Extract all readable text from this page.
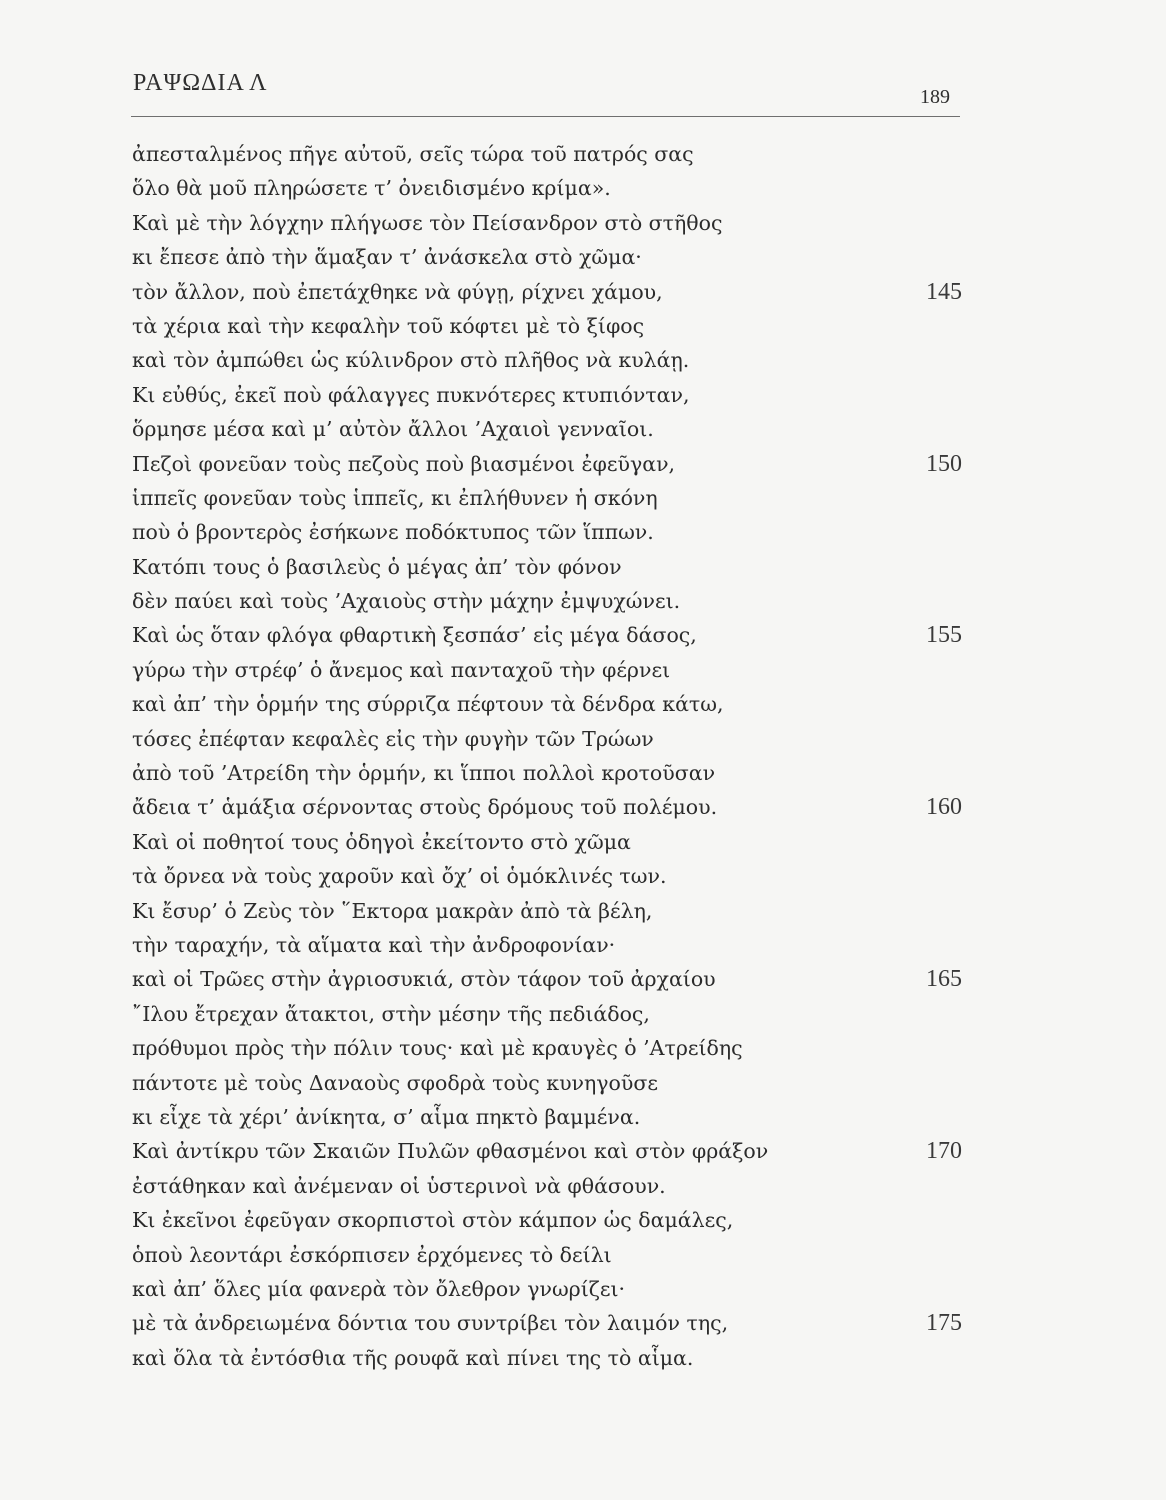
ΡΑΨΩΔΙΑ Λ
189
ἀπεσταλμένος πῆγε αὐτοῦ, σεῖς τώρα τοῦ πατρός σας
ὅλο θὰ μοῦ πληρώσετε τ’ ὀνειδισμένο κρίμα».
Καὶ μὲ τὴν λόγχην πλήγωσε τὸν Πείσανδρον στὸ στῆθος
κι ἔπεσε ἀπὸ τὴν ἅμαξαν τ’ ἀνάσκελα στὸ χῶμα·
τὸν ἄλλον, ποὺ ἐπετάχθηκε νὰ φύγῃ, ρίχνει χάμου,	145
τὰ χέρια καὶ τὴν κεφαλὴν τοῦ κόφτει μὲ τὸ ξίφος
καὶ τὸν ἀμπώθει ὡς κύλινδρον στὸ πλῆθος νὰ κυλάῃ.
Κι εὐθύς, ἐκεῖ ποὺ φάλαγγες πυκνότερες κτυπιόνταν,
ὅρμησε μέσα καὶ μ’ αὐτὸν ἄλλοι ’Αχαιοὶ γενναῖοι.
Πεζοὶ φονεῦαν τοὺς πεζοὺς ποὺ βιασμένοι ἐφεῦγαν,	150
ἱππεῖς φονεῦαν τοὺς ἱππεῖς, κι ἐπλήθυνεν ἡ σκόνη
ποὺ ὁ βροντερὸς ἐσήκωνε ποδόκτυπος τῶν ἵππων.
Κατόπι τους ὁ βασιλεὺς ὁ μέγας ἀπ’ τὸν φόνον
δὲν παύει καὶ τοὺς ’Αχαιοὺς στὴν μάχην ἐμψυχώνει.
Καὶ ὡς ὅταν φλόγα φθαρτικὴ ξεσπάσ’ εἰς μέγα δάσος,	155
γύρω τὴν στρέφ’ ὁ ἄνεμος καὶ πανταχοῦ τὴν φέρνει
καὶ ἀπ’ τὴν ὁρμήν της σύρριζα πέφτουν τὰ δένδρα κάτω,
τόσες ἐπέφταν κεφαλὲς εἰς τὴν φυγὴν τῶν Τρώων
ἀπὸ τοῦ ’Ατρείδη τὴν ὁρμήν, κι ἵπποι πολλοὶ κροτοῦσαν
ἄδεια τ’ ἁμάξια σέρνοντας στοὺς δρόμους τοῦ πολέμου.	160
Καὶ οἱ ποθητοί τους ὁδηγοὶ ἐκείτοντο στὸ χῶμα
τὰ ὄρνεα νὰ τοὺς χαροῦν καὶ ὄχ’ οἱ ὁμόκλινές των.
Κι ἔσυρ’ ὁ Ζεὺς τὸν ῞Εκτορα μακρὰν ἀπὸ τὰ βέλη,
τὴν ταραχήν, τὰ αἵματα καὶ τὴν ἀνδροφονίαν·
καὶ οἱ Τρῶες στὴν ἀγριοσυκιά, στὸν τάφον τοῦ ἀρχαίου	165
῎Ιλου ἔτρεχαν ἄτακτοι, στὴν μέσην τῆς πεδιάδος,
πρόθυμοι πρὸς τὴν πόλιν τους· καὶ μὲ κραυγὲς ὁ ’Ατρείδης
πάντοτε μὲ τοὺς Δαναοὺς σφοδρὰ τοὺς κυνηγοῦσε
κι εἶχε τὰ χέρι’ ἀνίκητα, σ’ αἷμα πηκτὸ βαμμένα.
Καὶ ἀντίκρυ τῶν Σκαιῶν Πυλῶν φθασμένοι καὶ στὸν φράξον	170
ἐστάθηκαν καὶ ἀνέμεναν οἱ ὑστερινοὶ νὰ φθάσουν.
Κι ἐκεῖνοι ἐφεῦγαν σκορπιστοὶ στὸν κάμπον ὡς δαμάλες,
ὁποὺ λεοντάρι ἐσκόρπισεν ἐρχόμενες τὸ δείλι
καὶ ἀπ’ ὅλες μία φανερὰ τὸν ὄλεθρον γνωρίζει·
μὲ τὰ ἀνδρειωμένα δόντια του συντρίβει τὸν λαιμόν της,	175
καὶ ὅλα τὰ ἐντόσθια τῆς ρουφᾶ καὶ πίνει της τὸ αἷμα.
